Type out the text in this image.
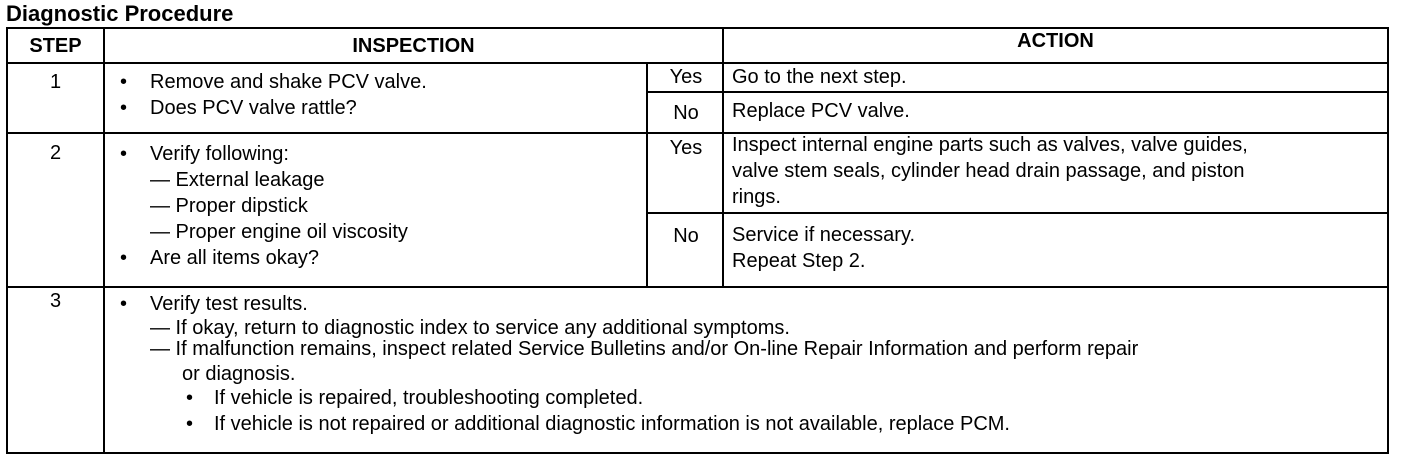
Diagnostic Procedure
STEP	INSPECTION	ACTION
1	• Remove and shake PCV valve.
• Does PCV valve rattle?
Yes	Go to the next step.
No	Replace PCV valve.
2	• Verify following:
— External leakage
— Proper dipstick
— Proper engine oil viscosity
• Are all items okay?
Yes	Inspect internal engine parts such as valves, valve guides,
valve stem seals, cylinder head drain passage, and piston
rings.
No	Service if necessary.
Repeat Step 2.
3	• Verify test results.
— If okay, return to diagnostic index to service any additional symptoms.
— If malfunction remains, inspect related Service Bulletins and/or On-line Repair Information and perform repair
or diagnosis.
• If vehicle is repaired, troubleshooting completed.
• If vehicle is not repaired or additional diagnostic information is not available, replace PCM.
